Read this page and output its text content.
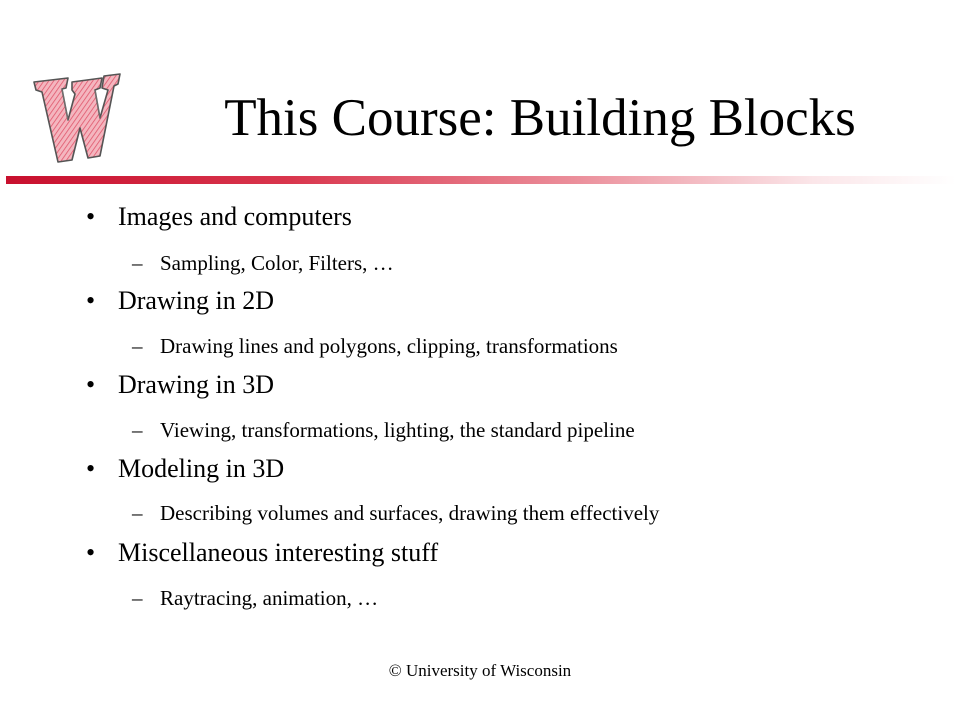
This Course: Building Blocks
• Images and computers
– Sampling, Color, Filters, …
• Drawing in 2D
– Drawing lines and polygons, clipping, transformations
• Drawing in 3D
– Viewing, transformations, lighting, the standard pipeline
• Modeling in 3D
– Describing volumes and surfaces, drawing them effectively
• Miscellaneous interesting stuff
– Raytracing, animation, …
© University of Wisconsin
